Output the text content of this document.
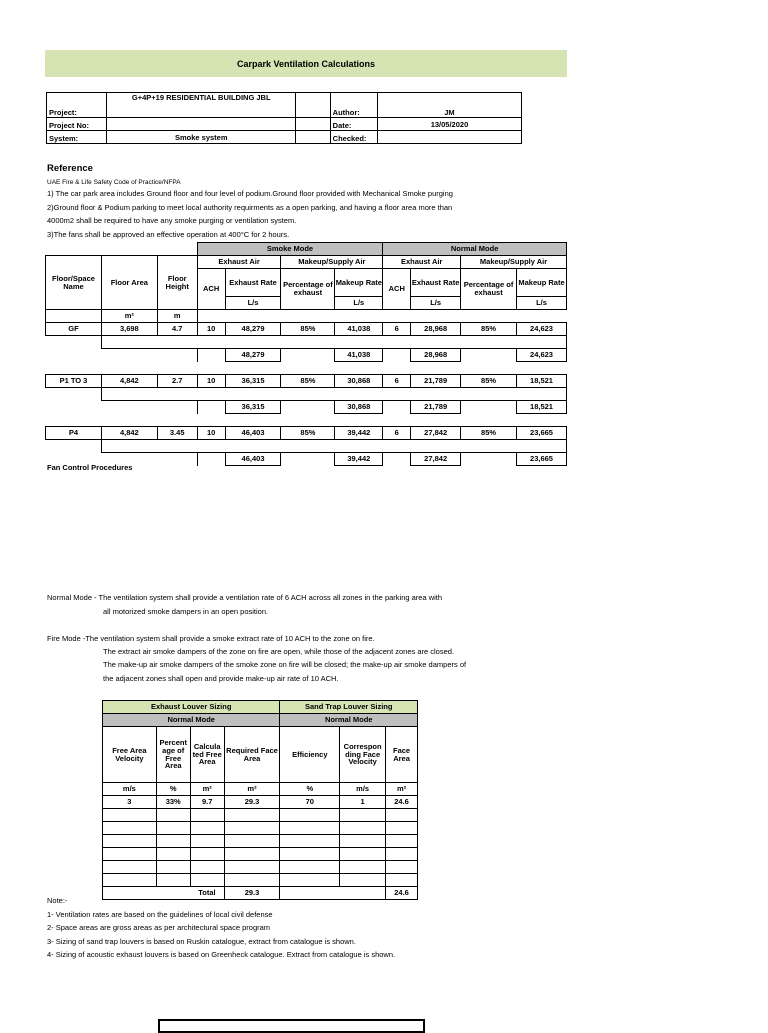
Carpark Ventilation Calculations
Project:	G+4P+19 RESIDENTIAL BUILDING JBL		Author:	JM
Project No:			Date:	13/05/2020
System:	Smoke system		Checked:	
Reference
UAE Fire & Life Safety Code of Practice/NFPA
1) The car park area includes Ground floor and four level of podium.Ground floor provided with Mechanical Smoke purging
2)Ground floor & Podium parking to meet local authority requirments as a open parking, and having a floor area more than
4000m2 shall be required to have any smoke purging or ventilation system.
3)The fans shall be approved an effective operation at 400°C for 2 hours.
			Smoke Mode				Normal Mode			
Floor/Space Name	Floor Area	Floor Height	Exhaust Air		Makeup/Supply Air		Exhaust Air		Makeup/Supply Air	
			ACH	Exhaust Rate	Percentage of exhaust	Makeup Rate	ACH	Exhaust Rate	Percentage of exhaust	Makeup Rate
				L/s		L/s		L/s		L/s
	m²	m								
GF	3,698	4.7	10	48,279	85%	41,038	6	28,968	85%	24,623

				48,279		41,038		28,968		24,623

P1 TO 3	4,842	2.7	10	36,315	85%	30,868	6	21,789	85%	18,521

				36,315		30,868		21,789		18,521

P4	4,842	3.45	10	46,403	85%	39,442	6	27,842	85%	23,665

				46,403		39,442		27,842		23,665
Fan Control Procedures
Normal Mode - The ventilation system shall provide a ventilation rate of 6 ACH across all zones in the parking area with
all motorized smoke dampers in an open position.
Fire Mode -The ventilation system shall provide a smoke extract rate of 10 ACH to the zone on fire.
The extract air smoke dampers of the zone on fire are open, while those of the adjacent zones are closed.
The make-up air smoke dampers of the smoke zone on fire will be closed; the make-up air smoke dampers of
the adjacent zones shall open and provide make-up air rate of 10 ACH.
Exhaust Louver Sizing				Sand Trap Louver Sizing		
Normal Mode				Normal Mode		
Free Area Velocity	Percent age of Free Area	Calcula ted Free Area	Required Face Area	Efficiency	Correspon ding Face Velocity	Face Area
m/s	%	m²	m²	%	m/s	m²
3	33%	9.7	29.3	70	1	24.6

		Total	29.3			24.6
Note:-
1- Ventilation rates are based on the guidelines of local civil defense
2- Space areas are gross areas as per architectural space program
3- Sizing of sand trap louvers is based on Ruskin catalogue, extract from catalogue is shown.
4- Sizing of acoustic exhaust louvers is based on Greenheck catalogue. Extract from catalogue is shown.
